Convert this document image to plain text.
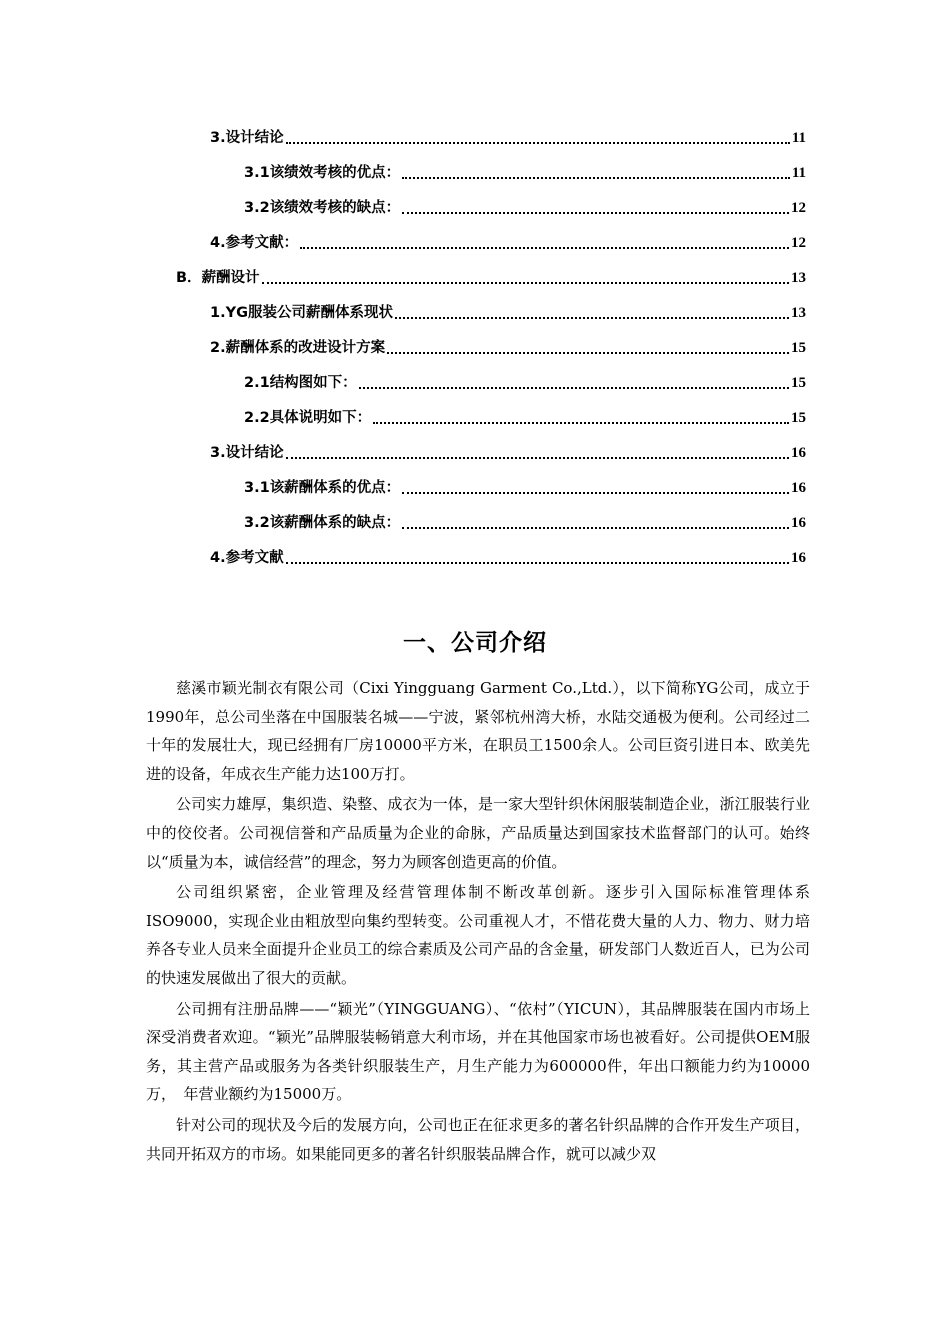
3. 设计结论	11
3.1 该绩效考核的优点：	11
3.2 该绩效考核的缺点：	12
4. 参考文献：	12
B． 薪酬设计	13
1. YG服装公司薪酬体系现状	13
2. 薪酬体系的改进设计方案	15
2.1 结构图如下：	15
2.2 具体说明如下：	15
3. 设计结论	16
3.1 该薪酬体系的优点：	16
3.2 该薪酬体系的缺点：	16
4. 参考文献	16
一、公司介绍

慈溪市颖光制衣有限公司（Cixi Yingguang Garment Co.,Ltd.），以下简称YG公司，成立于1990年，总公司坐落在中国服装名城——宁波，紧邻杭州湾大桥，水陆交通极为便利。公司经过二十年的发展壮大，现已经拥有厂房10000平方米，在职员工1500余人。公司巨资引进日本、欧美先进的设备，年成衣生产能力达100万打。

公司实力雄厚，集织造、染整、成衣为一体，是一家大型针织休闲服装制造企业，浙江服装行业中的佼佼者。公司视信誉和产品质量为企业的命脉，产品质量达到国家技术监督部门的认可。始终以“质量为本，诚信经营”的理念，努力为顾客创造更高的价值。

公司组织紧密，企业管理及经营管理体制不断改革创新。逐步引入国际标准管理体系ISO9000，实现企业由粗放型向集约型转变。公司重视人才，不惜花费大量的人力、物力、财力培养各专业人员来全面提升企业员工的综合素质及公司产品的含金量，研发部门人数近百人，已为公司的快速发展做出了很大的贡献。

公司拥有注册品牌——“颖光”（YINGGUANG）、“依村”（YICUN），其品牌服装在国内市场上深受消费者欢迎。“颖光”品牌服装畅销意大利市场，并在其他国家市场也被看好。公司提供OEM服务，其主营产品或服务为各类针织服装生产，月生产能力为600000件，年出口额能力约为10000万，　年营业额约为15000万。

针对公司的现状及今后的发展方向，公司也正在征求更多的著名针织品牌的合作开发生产项目，共同开拓双方的市场。如果能同更多的著名针织服装品牌合作，就可以减少双
